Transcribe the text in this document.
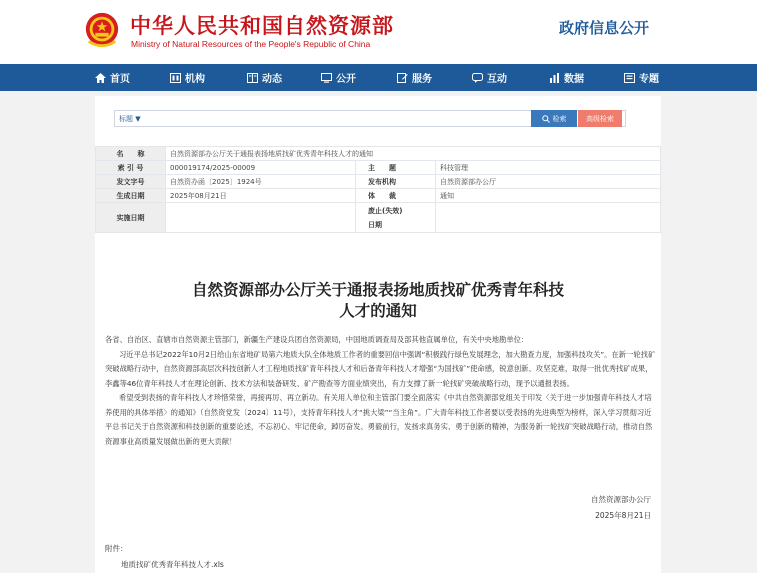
中华人民共和国自然资源部
Ministry of Natural Resources of the People's Republic of China
政府信息公开
首页	机构	动态	公开	服务	互动	数据	专题
标题 ▼	检索	高级检索
名　　称	自然资源部办公厅关于通报表扬地质找矿优秀青年科技人才的通知		
索 引 号	000019174/2025-00009	主　　题	科技管理
发文字号	自然资办函〔2025〕1924号	发布机构	自然资源部办公厅
生成日期	2025年08月21日	体　　裁	通知
实施日期		废止(失效)
日期	
自然资源部办公厅关于通报表扬地质找矿优秀青年科技
人才的通知

各省、自治区、直辖市自然资源主管部门，新疆生产建设兵团自然资源局，中国地质调查局及部其他直属单位，有关中央地勘单位：

习近平总书记2022年10月2日给山东省地矿局第六地质大队全体地质工作者的重要回信中强调“积极践行绿色发展理念，加大勘查力度，加强科技攻关”。在新一轮找矿突破战略行动中，自然资源部高层次科技创新人才工程地质找矿青年科技人才和后备青年科技人才增强“为国找矿”使命感，锐意创新、攻坚克难，取得一批优秀找矿成果，李鑫等46位青年科技人才在理论创新、技术方法和装备研发、矿产勘查等方面业绩突出，有力支撑了新一轮找矿突破战略行动，现予以通报表扬。

希望受到表扬的青年科技人才珍惜荣誉，再接再厉、再立新功。有关用人单位和主管部门要全面落实《中共自然资源部党组关于印发〈关于进一步加强青年科技人才培养使用的具体举措〉的通知》（自然资党发〔2024〕11号），支持青年科技人才“挑大梁”“当主角”。广大青年科技工作者要以受表扬的先进典型为榜样，深入学习贯彻习近平总书记关于自然资源和科技创新的重要论述，不忘初心、牢记使命，踔厉奋发、勇毅前行，发扬求真务实、勇于创新的精神，为服务新一轮找矿突破战略行动，推动自然资源事业高质量发展做出新的更大贡献！

自然资源部办公厅
2025年8月21日
附件：
地质找矿优秀青年科技人才.xls
